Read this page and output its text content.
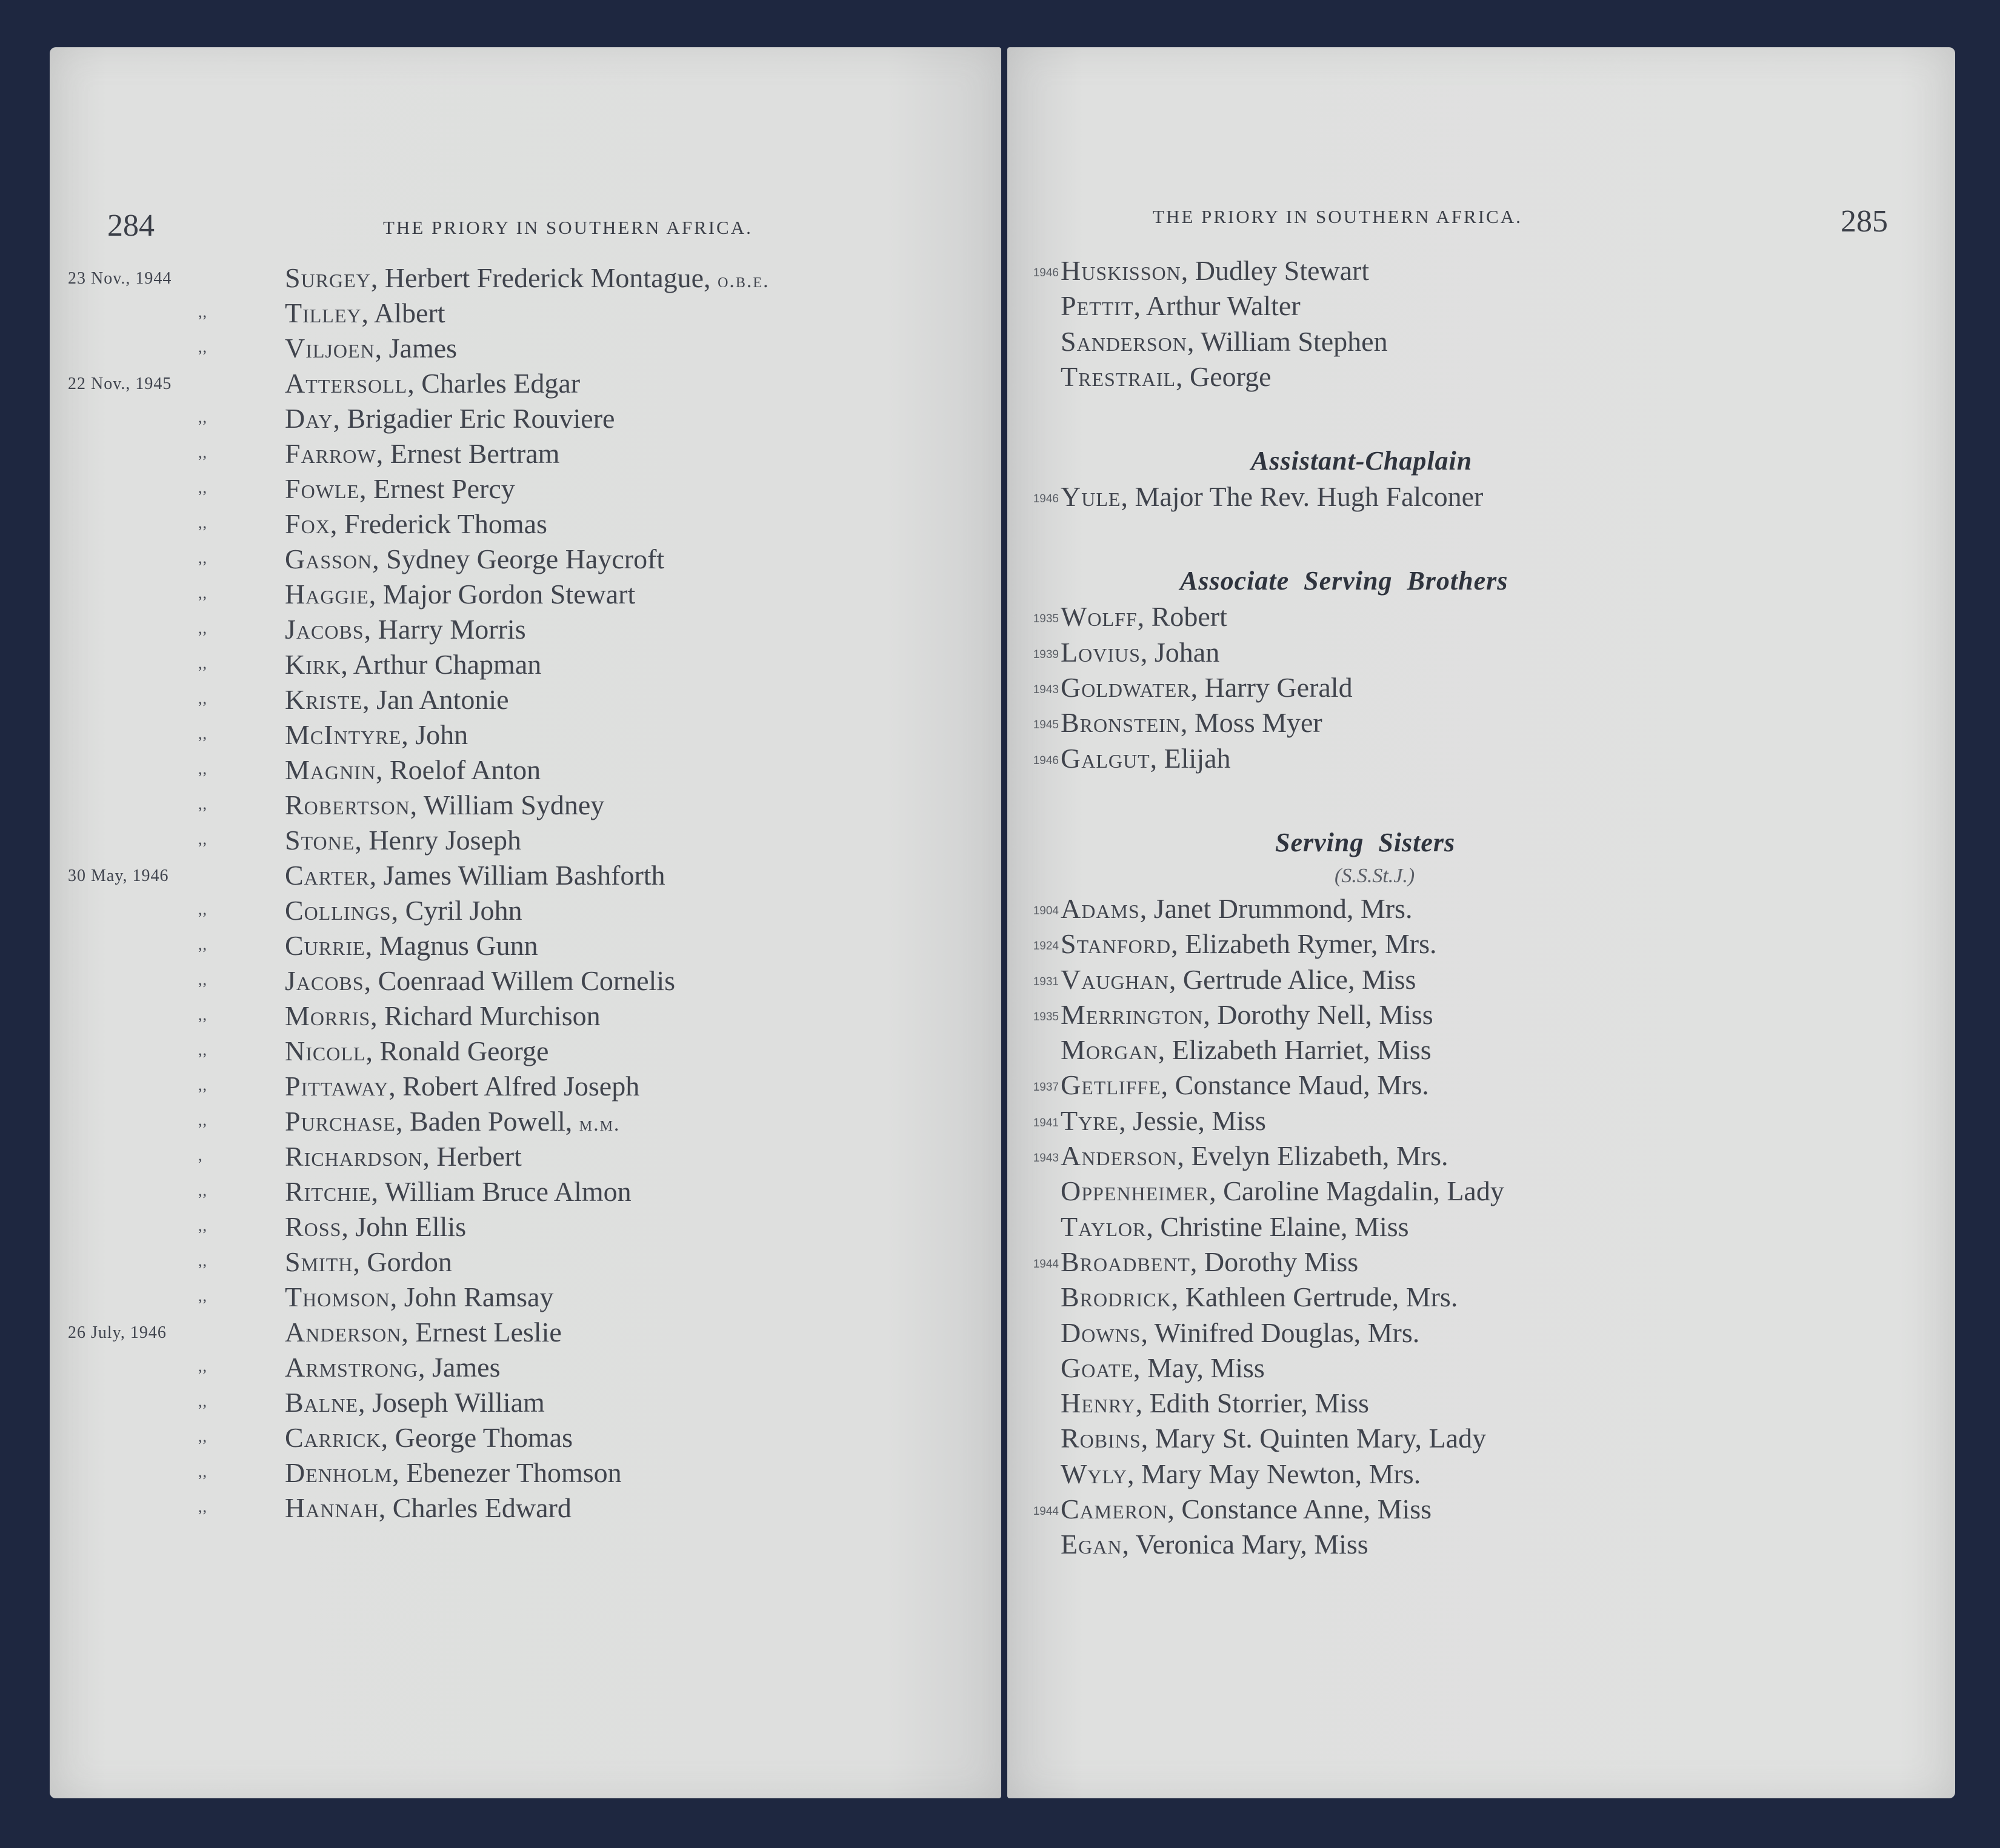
284	THE PRIORY IN SOUTHERN AFRICA.
23 Nov., 1944	Surgey, Herbert Frederick Montague, o.b.e.
,,	Tilley, Albert
,,	Viljoen, James
22 Nov., 1945	Attersoll, Charles Edgar
,,	Day, Brigadier Eric Rouviere
,,	Farrow, Ernest Bertram
,,	Fowle, Ernest Percy
,,	Fox, Frederick Thomas
,,	Gasson, Sydney George Haycroft
,,	Haggie, Major Gordon Stewart
,,	Jacobs, Harry Morris
,,	Kirk, Arthur Chapman
,,	Kriste, Jan Antonie
,,	McIntyre, John
,,	Magnin, Roelof Anton
,,	Robertson, William Sydney
,,	Stone, Henry Joseph
30 May, 1946	Carter, James William Bashforth
,,	Collings, Cyril John
,,	Currie, Magnus Gunn
,,	Jacobs, Coenraad Willem Cornelis
,,	Morris, Richard Murchison
,,	Nicoll, Ronald George
,,	Pittaway, Robert Alfred Joseph
,,	Purchase, Baden Powell, m.m.
,	Richardson, Herbert
,,	Ritchie, William Bruce Almon
,,	Ross, John Ellis
,,	Smith, Gordon
,,	Thomson, John Ramsay
26 July, 1946	Anderson, Ernest Leslie
,,	Armstrong, James
,,	Balne, Joseph William
,,	Carrick, George Thomas
,,	Denholm, Ebenezer Thomson
,,	Hannah, Charles Edward
THE PRIORY IN SOUTHERN AFRICA.	285
1946 Huskisson, Dudley Stewart
Pettit, Arthur Walter
Sanderson, William Stephen
Trestrail, George
Assistant-Chaplain
1946 Yule, Major The Rev. Hugh Falconer
Associate  Serving  Brothers
1935 Wolff, Robert
1939 Lovius, Johan
1943 Goldwater, Harry Gerald
1945 Bronstein, Moss Myer
1946 Galgut, Elijah
Serving  Sisters
(S.S.St.J.)
1904 Adams, Janet Drummond, Mrs.
1924 Stanford, Elizabeth Rymer, Mrs.
1931 Vaughan, Gertrude Alice, Miss
1935 Merrington, Dorothy Nell, Miss
Morgan, Elizabeth Harriet, Miss
1937 Getliffe, Constance Maud, Mrs.
1941 Tyre, Jessie, Miss
1943 Anderson, Evelyn Elizabeth, Mrs.
Oppenheimer, Caroline Magdalin, Lady
Taylor, Christine Elaine, Miss
1944 Broadbent, Dorothy Miss
Brodrick, Kathleen Gertrude, Mrs.
Downs, Winifred Douglas, Mrs.
Goate, May, Miss
Henry, Edith Storrier, Miss
Robins, Mary St. Quinten Mary, Lady
Wyly, Mary May Newton, Mrs.
1944 Cameron, Constance Anne, Miss
Egan, Veronica Mary, Miss
